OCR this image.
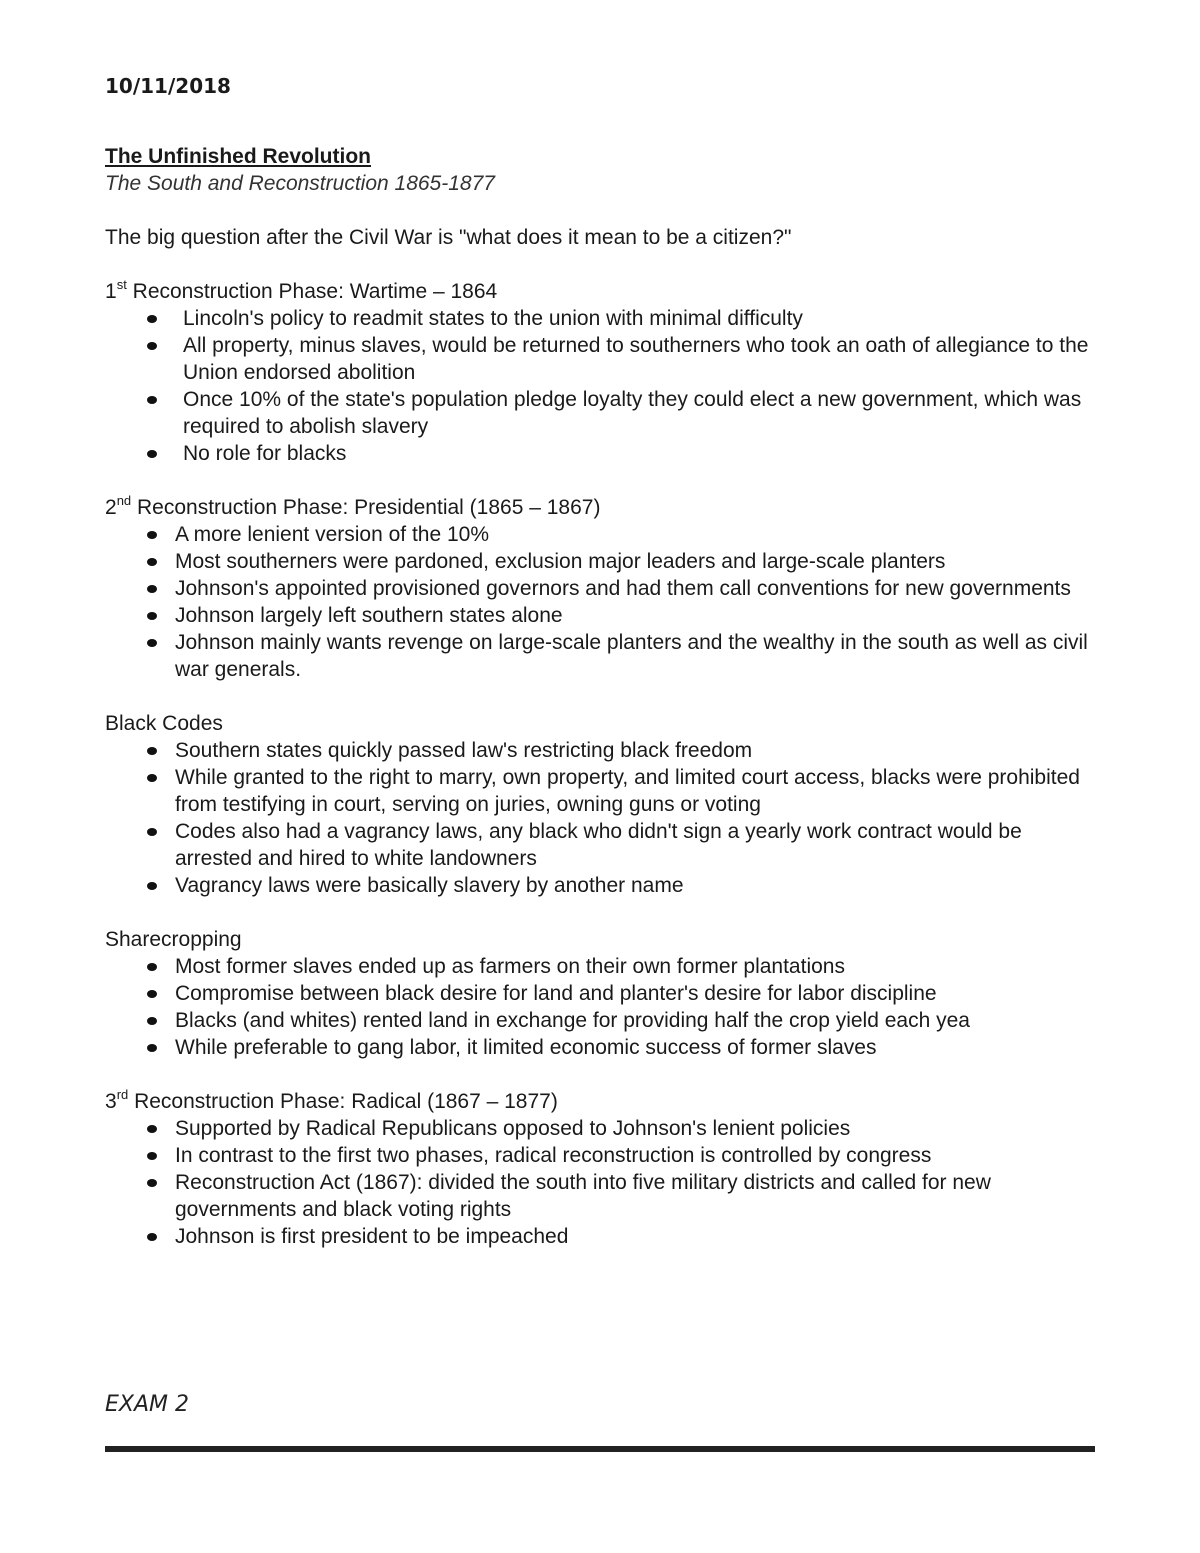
10/11/2018
The Unfinished Revolution
The South and Reconstruction 1865-1877
The big question after the Civil War is "what does it mean to be a citizen?"
1st Reconstruction Phase: Wartime – 1864
Lincoln's policy to readmit states to the union with minimal difficulty
All property, minus slaves, would be returned to southerners who took an oath of allegiance to the Union endorsed abolition
Once 10% of the state's population pledge loyalty they could elect a new government, which was required to abolish slavery
No role for blacks
2nd Reconstruction Phase: Presidential (1865 – 1867)
A more lenient version of the 10%
Most southerners were pardoned, exclusion major leaders and large-scale planters
Johnson's appointed provisioned governors and had them call conventions for new governments
Johnson largely left southern states alone
Johnson mainly wants revenge on large-scale planters and the wealthy in the south as well as civil war generals.
Black Codes
Southern states quickly passed law's restricting black freedom
While granted to the right to marry, own property, and limited court access, blacks were prohibited from testifying in court, serving on juries, owning guns or voting
Codes also had a vagrancy laws, any black who didn't sign a yearly work contract would be arrested and hired to white landowners
Vagrancy laws were basically slavery by another name
Sharecropping
Most former slaves ended up as farmers on their own former plantations
Compromise between black desire for land and planter's desire for labor discipline
Blacks (and whites) rented land in exchange for providing half the crop yield each yea
While preferable to gang labor, it limited economic success of former slaves
3rd Reconstruction Phase: Radical (1867 – 1877)
Supported by Radical Republicans opposed to Johnson's lenient policies
In contrast to the first two phases, radical reconstruction is controlled by congress
Reconstruction Act (1867): divided the south into five military districts and called for new governments and black voting rights
Johnson is first president to be impeached
EXAM 2
